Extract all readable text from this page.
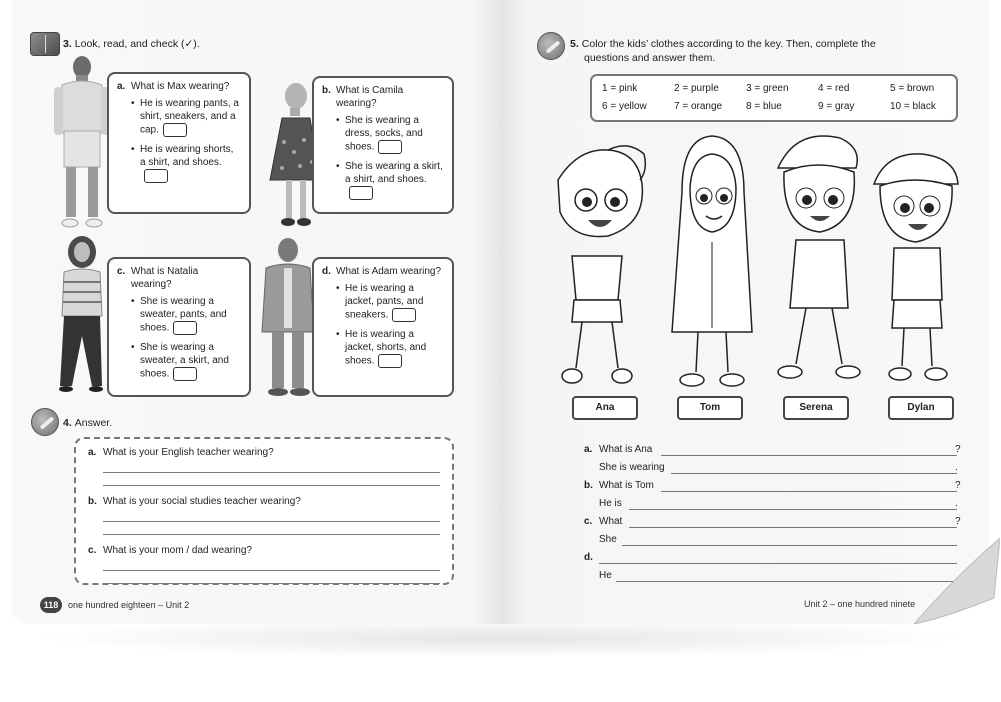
3. Look, read, and check (✓).
a. What is Max wearing?
• He is wearing pants, a shirt, sneakers, and a cap.
• He is wearing shorts, a shirt, and shoes.
b. What is Camila wearing?
• She is wearing a dress, socks, and shoes.
• She is wearing a skirt, a shirt, and shoes.
c. What is Natalia wearing?
• She is wearing a sweater, pants, and shoes.
• She is wearing a sweater, a skirt, and shoes.
d. What is Adam wearing?
• He is wearing a jacket, pants, and sneakers.
• He is wearing a jacket, shorts, and shoes.
4. Answer.
a. What is your English teacher wearing?
b. What is your social studies teacher wearing?
c. What is your mom / dad wearing?
118 one hundred eighteen – Unit 2
5. Color the kids’ clothes according to the key. Then, complete the
questions and answer them.
1 = pink	2 = purple	3 = green	4 = red	5 = brown
6 = yellow	7 = orange 8 = blue	9 = gray	10 = black
Ana	Tom	Serena	Dylan
a. What is Ana	?
She is wearing	.
b. What is Tom	?
He is	.
c. What	?
She
d.
He
Unit 2 – one hundred ninete
